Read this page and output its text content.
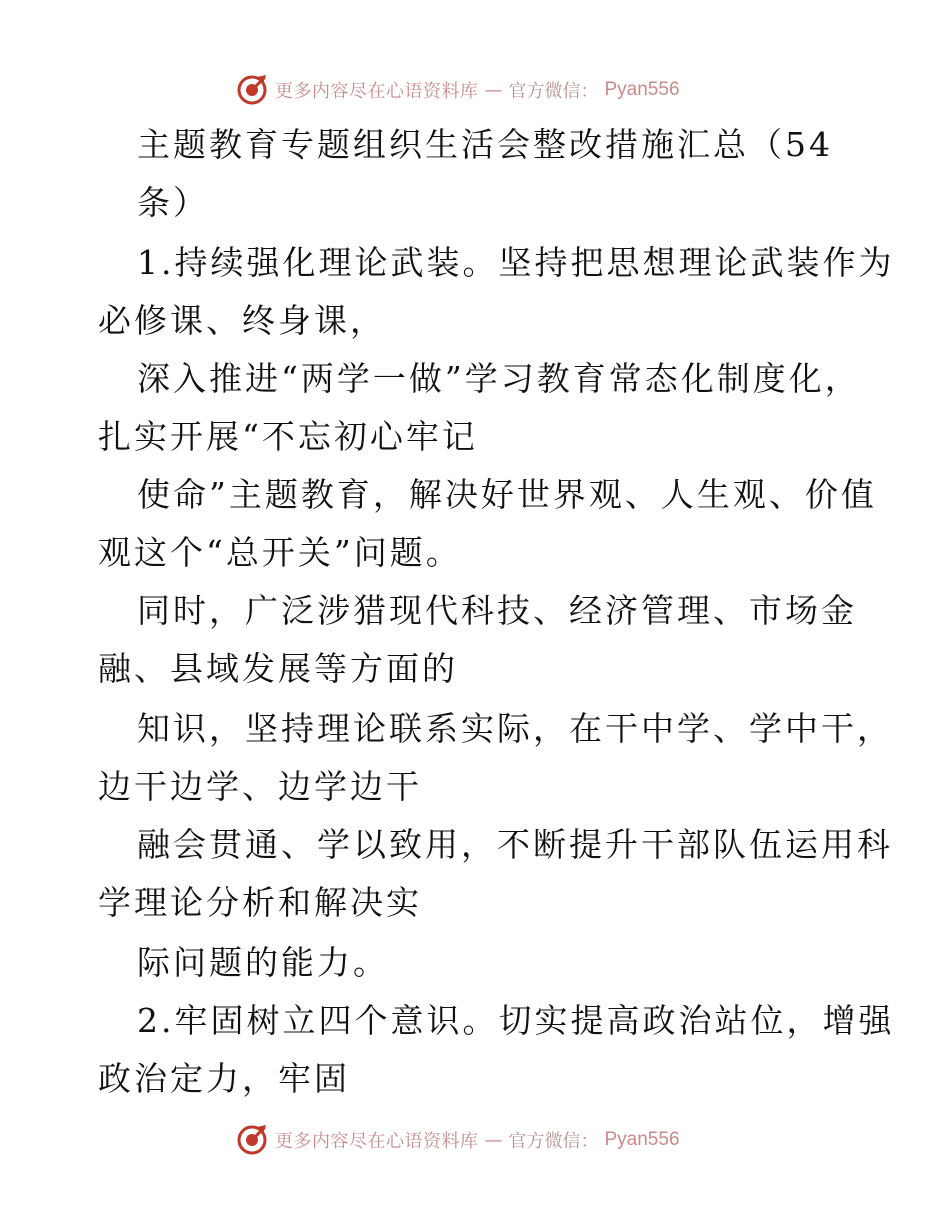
更多内容尽在心语资料库 — 官方微信： Pyan556
主题教育专题组织生活会整改措施汇总（54
条）
1.持续强化理论武装。坚持把思想理论武装作为
必修课、终身课，
深入推进“两学一做”学习教育常态化制度化，
扎实开展“不忘初心牢记
使命”主题教育，解决好世界观、人生观、价值
观这个“总开关”问题。
同时，广泛涉猎现代科技、经济管理、市场金
融、县域发展等方面的
知识，坚持理论联系实际，在干中学、学中干，
边干边学、边学边干
融会贯通、学以致用，不断提升干部队伍运用科
学理论分析和解决实
际问题的能力。
2.牢固树立四个意识。切实提高政治站位，增强
政治定力，牢固
更多内容尽在心语资料库 — 官方微信： Pyan556
